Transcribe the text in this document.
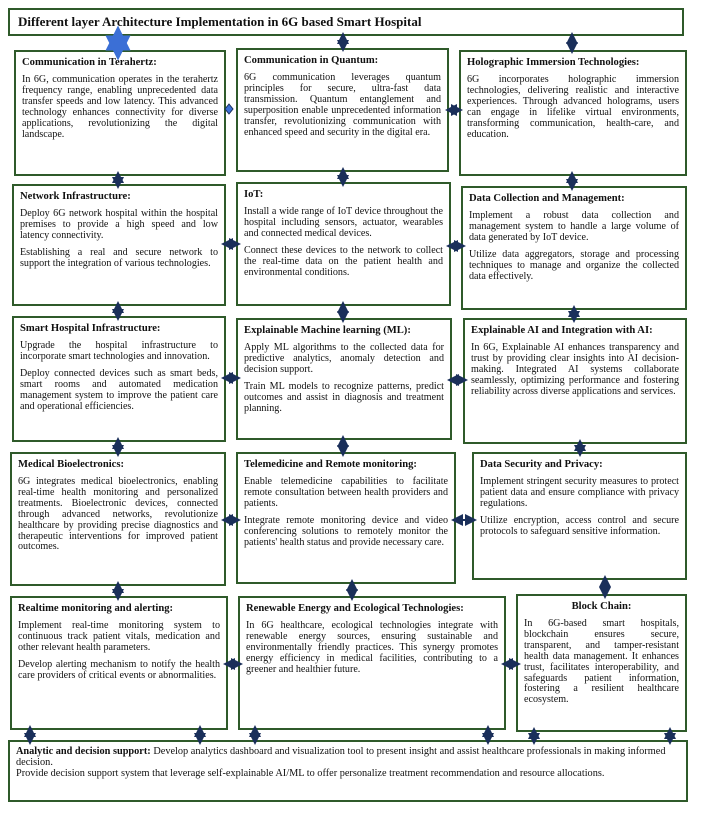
Different layer Architecture Implementation in 6G based Smart Hospital
Communication in Terahertz:
In 6G, communication operates in the terahertz frequency range, enabling unprecedented data transfer speeds and low latency. This advanced technology enhances connectivity for diverse applications, revolutionizing the digital landscape.
Communication in Quantum:
6G communication leverages quantum principles for secure, ultra-fast data transmission. Quantum entanglement and superposition enable unprecedented information transfer, revolutionizing communication with enhanced speed and security in the digital era.
Holographic Immersion Technologies:
6G incorporates holographic immersion technologies, delivering realistic and interactive experiences. Through advanced holograms, users can engage in lifelike virtual environments, transforming communication, health-care, and education.
Network Infrastructure:
Deploy 6G network hospital within the hospital premises to provide a high speed and low latency connectivity.
Establishing a real and secure network to support the integration of various technologies.
IoT:
Install a wide range of IoT device throughout the hospital including sensors, actuator, wearables and connected medical devices.
Connect these devices to the network to collect the real-time data on the patient health and environmental conditions.
Data Collection and Management:
Implement a robust data collection and management system to handle a large volume of data generated by IoT device.
Utilize data aggregators, storage and processing techniques to manage and organize the collected data effectively.
Smart Hospital Infrastructure:
Upgrade the hospital infrastructure to incorporate smart technologies and innovation.
Deploy connected devices such as smart beds, smart rooms and automated medication management system to improve the patient care and operational efficiencies.
Explainable Machine learning (ML):
Apply ML algorithms to the collected data for predictive analytics, anomaly detection and decision support.
Train ML models to recognize patterns, predict outcomes and assist in diagnosis and treatment planning.
Explainable AI and Integration with AI:
In 6G, Explainable AI enhances transparency and trust by providing clear insights into AI decision-making. Integrated AI systems collaborate seamlessly, optimizing performance and fostering reliability across diverse applications and services.
Medical Bioelectronics:
6G integrates medical bioelectronics, enabling real-time health monitoring and personalized treatments. Bioelectronic devices, connected through advanced networks, revolutionize healthcare by providing precise diagnostics and therapeutic interventions for improved patient outcomes.
Telemedicine and Remote monitoring:
Enable telemedicine capabilities to facilitate remote consultation between health providers and patients.
Integrate remote monitoring device and video conferencing solutions to remotely monitor the patients' health status and provide necessary care.
Data Security and Privacy:
Implement stringent security measures to protect patient data and ensure compliance with privacy regulations.
Utilize encryption, access control and secure protocols to safeguard sensitive information.
Realtime monitoring and alerting:
Implement real-time monitoring system to continuous track patient vitals, medication and other relevant health parameters.
Develop alerting mechanism to notify the health care providers of critical events or abnormalities.
Renewable Energy and Ecological Technologies:
In 6G healthcare, ecological technologies integrate with renewable energy sources, ensuring sustainable and environmentally friendly practices. This synergy promotes energy efficiency in medical facilities, contributing to a greener and healthier future.
Block Chain:
In 6G-based smart hospitals, blockchain ensures secure, transparent, and tamper-resistant health data management. It enhances trust, facilitates interoperability, and safeguards patient information, fostering a resilient healthcare ecosystem.
Analytic and decision support: Develop analytics dashboard and visualization tool to present insight and assist healthcare professionals in making informed decision.
Provide decision support system that leverage self-explainable AI/ML to offer personalize treatment recommendation and resource allocations.
